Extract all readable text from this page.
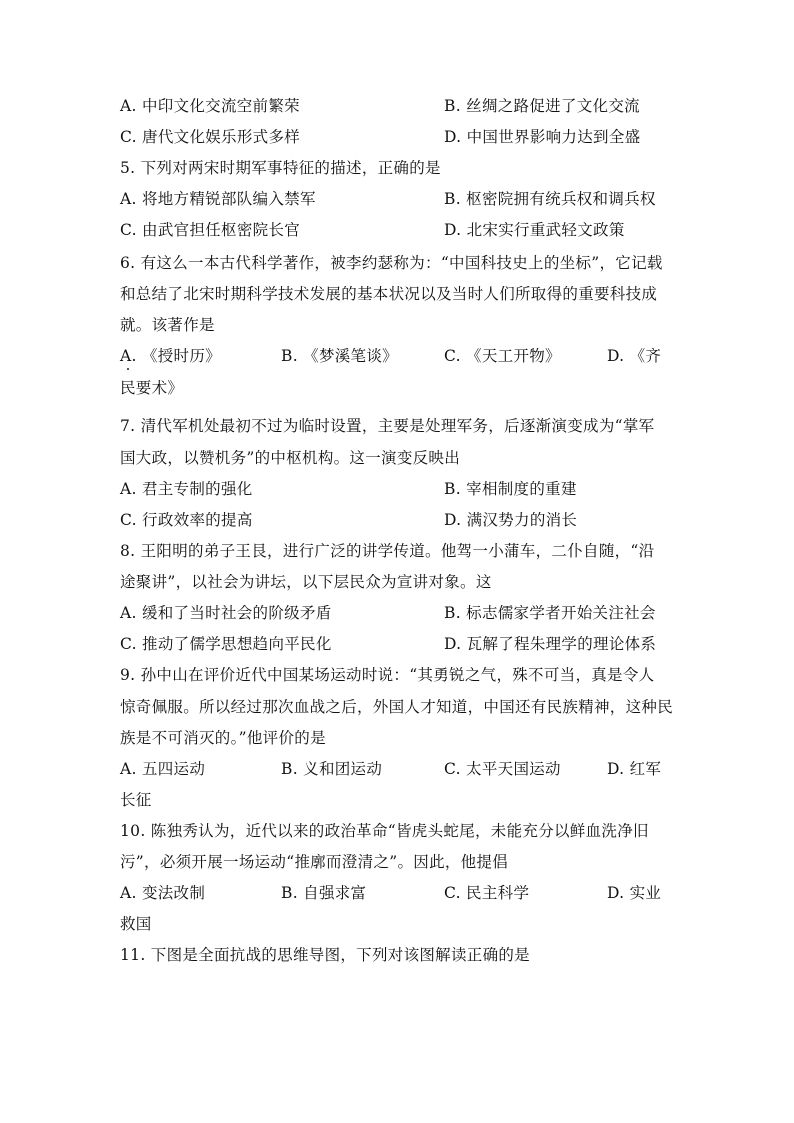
A. 中印文化交流空前繁荣	B. 丝绸之路促进了文化交流
C. 唐代文化娱乐形式多样	D. 中国世界影响力达到全盛
5. 下列对两宋时期军事特征的描述，正确的是
A. 将地方精锐部队编入禁军	B. 枢密院拥有统兵权和调兵权
C. 由武官担任枢密院长官	D. 北宋实行重武轻文政策
6. 有这么一本古代科学著作，被李约瑟称为：“中国科技史上的坐标”，它记载
和总结了北宋时期科学技术发展的基本状况以及当时人们所取得的重要科技成
就。该著作是
A. 《授时历》	B. 《梦溪笔谈》	C. 《天工开物》	D. 《齐
民要术》
7. 清代军机处最初不过为临时设置，主要是处理军务，后逐渐演变成为“掌军
国大政，以赞机务”的中枢机构。这一演变反映出
A. 君主专制的强化	B. 宰相制度的重建
C. 行政效率的提高	D. 满汉势力的消长
8. 王阳明的弟子王艮，进行广泛的讲学传道。他驾一小蒲车，二仆自随，“沿
途聚讲”，以社会为讲坛，以下层民众为宣讲对象。这
A. 缓和了当时社会的阶级矛盾	B. 标志儒家学者开始关注社会
C. 推动了儒学思想趋向平民化	D. 瓦解了程朱理学的理论体系
9. 孙中山在评价近代中国某场运动时说：“其勇锐之气，殊不可当，真是令人
惊奇佩服。所以经过那次血战之后，外国人才知道，中国还有民族精神，这种民
族是不可消灭的。”他评价的是
A. 五四运动	B. 义和团运动	C. 太平天国运动	D. 红军
长征
10. 陈独秀认为，近代以来的政治革命“皆虎头蛇尾，未能充分以鲜血洗净旧
污”，必须开展一场运动“推廓而澄清之”。因此，他提倡
A. 变法改制	B. 自强求富	C. 民主科学	D. 实业
救国
11. 下图是全面抗战的思维导图，下列对该图解读正确的是
